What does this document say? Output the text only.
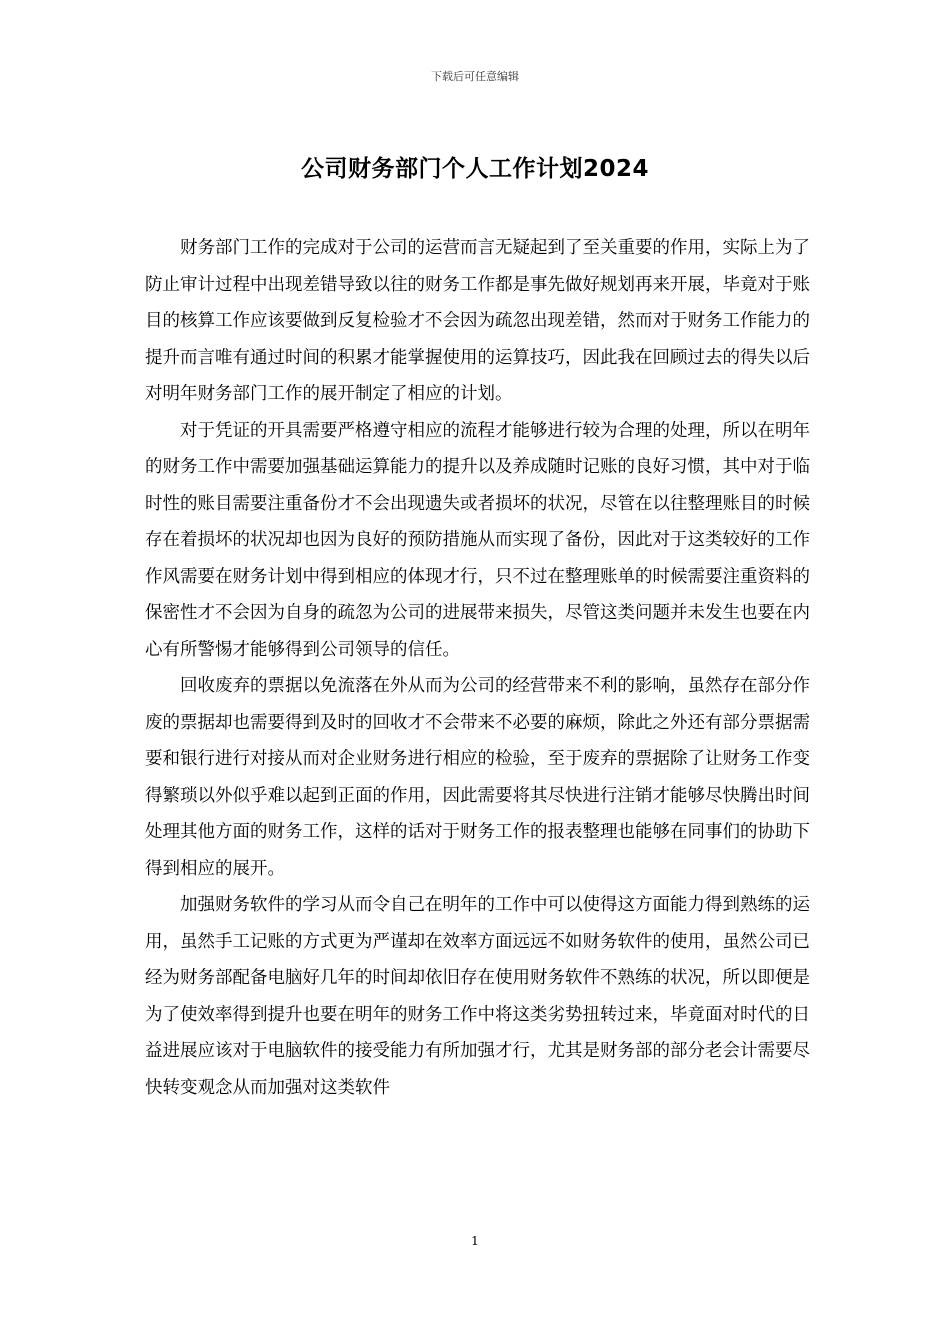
下载后可任意编辑
公司财务部门个人工作计划2024

财务部门工作的完成对于公司的运营而言无疑起到了至关重要的作用，实际上为了防止审计过程中出现差错导致以往的财务工作都是事先做好规划再来开展，毕竟对于账目的核算工作应该要做到反复检验才不会因为疏忽出现差错，然而对于财务工作能力的提升而言唯有通过时间的积累才能掌握使用的运算技巧，因此我在回顾过去的得失以后对明年财务部门工作的展开制定了相应的计划。

对于凭证的开具需要严格遵守相应的流程才能够进行较为合理的处理，所以在明年的财务工作中需要加强基础运算能力的提升以及养成随时记账的良好习惯，其中对于临时性的账目需要注重备份才不会出现遗失或者损坏的状况，尽管在以往整理账目的时候存在着损坏的状况却也因为良好的预防措施从而实现了备份，因此对于这类较好的工作作风需要在财务计划中得到相应的体现才行，只不过在整理账单的时候需要注重资料的保密性才不会因为自身的疏忽为公司的进展带来损失，尽管这类问题并未发生也要在内心有所警惕才能够得到公司领导的信任。

回收废弃的票据以免流落在外从而为公司的经营带来不利的影响，虽然存在部分作废的票据却也需要得到及时的回收才不会带来不必要的麻烦，除此之外还有部分票据需要和银行进行对接从而对企业财务进行相应的检验，至于废弃的票据除了让财务工作变得繁琐以外似乎难以起到正面的作用，因此需要将其尽快进行注销才能够尽快腾出时间处理其他方面的财务工作，这样的话对于财务工作的报表整理也能够在同事们的协助下得到相应的展开。

加强财务软件的学习从而令自己在明年的工作中可以使得这方面能力得到熟练的运用，虽然手工记账的方式更为严谨却在效率方面远远不如财务软件的使用，虽然公司已经为财务部配备电脑好几年的时间却依旧存在使用财务软件不熟练的状况，所以即便是为了使效率得到提升也要在明年的财务工作中将这类劣势扭转过来，毕竟面对时代的日益进展应该对于电脑软件的接受能力有所加强才行，尤其是财务部的部分老会计需要尽快转变观念从而加强对这类软件

1
